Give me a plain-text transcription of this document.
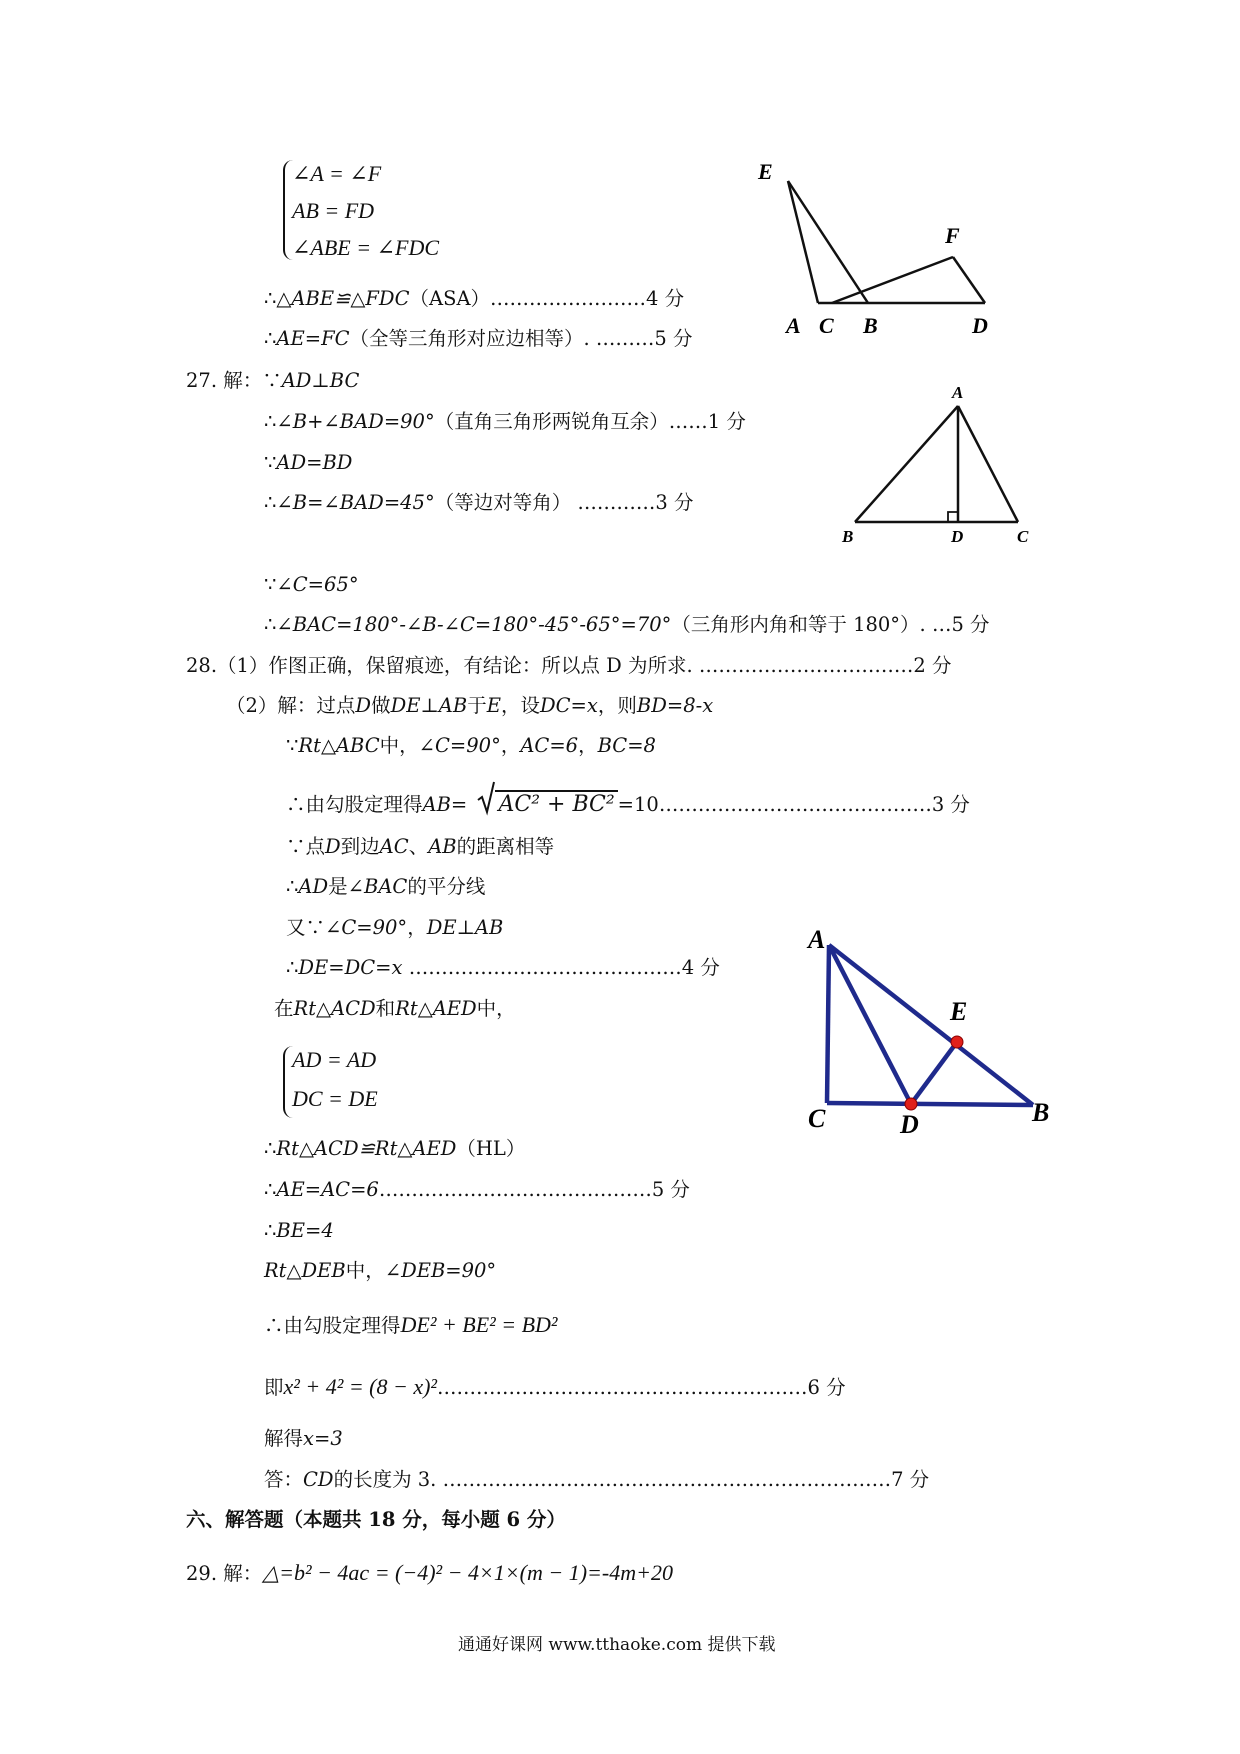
∠A = ∠F
AB = FD
∠ABE = ∠FDC
∴△ABE≌△FDC（ASA）……………………4 分
∴AE=FC（全等三角形对应边相等）. ………5 分
E
F
A C B	D
27. 解：∵AD⊥BC
∴∠B+∠BAD=90°（直角三角形两锐角互余）……1 分
∵AD=BD
∴∠B=∠BAD=45°（等边对等角） …………3 分
∵∠C=65°
∴∠BAC=180°-∠B-∠C=180°-45°-65°=70°（三角形内角和等于 180°）. …5 分
A
B	D	C
28.（1）作图正确，保留痕迹，有结论：所以点 D 为所求. ……………………………2 分
（2）解：过点D做DE⊥AB于E，设DC=x，则BD=8-x
∵Rt△ABC中，∠C=90°，AC=6，BC=8
∴由勾股定理得AB= AC² + BC² =10……………………………………3 分
∵点D到边AC、AB的距离相等
∴AD是∠BAC的平分线
又∵∠C=90°，DE⊥AB
∴DE=DC=x ……………………………………4 分
在Rt△ACD和Rt△AED中，
AD = AD
DC = DE
∴Rt△ACD≌Rt△AED（HL）
∴AE=AC=6……………………………………5 分
∴BE=4
Rt△DEB中，∠DEB=90°
∴由勾股定理得DE² + BE² = BD²
即x² + 4² = (8 − x)²…………………………………………………6 分
解得x=3
答：CD的长度为 3. ……………………………………………………………7 分
A
E
C	D	B
六、解答题（本题共 18 分，每小题 6 分）
29. 解：△=b² − 4ac = (−4)² − 4×1×(m − 1)=-4m+20
通通好课网 www.tthaoke.com 提供下载
